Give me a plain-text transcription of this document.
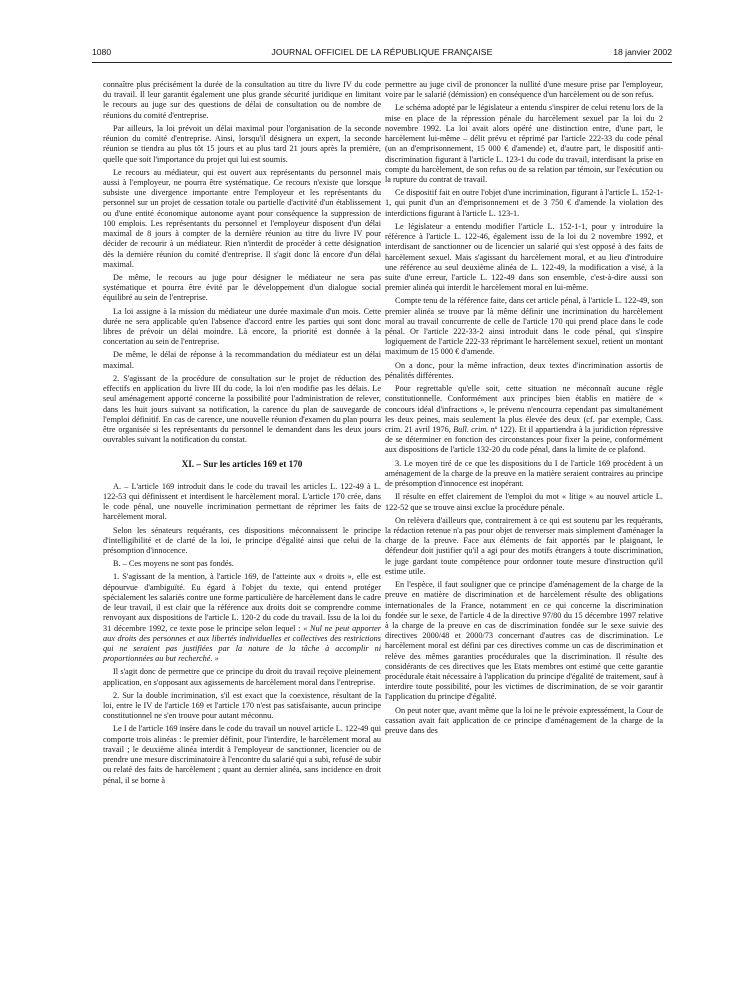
1080	JOURNAL OFFICIEL DE LA RÉPUBLIQUE FRANÇAISE	18 janvier 2002

connaître plus précisément la durée de la consultation au titre du livre IV du code du travail. Il leur garantit également une plus grande sécurité juridique en limitant le recours au juge sur des questions de délai de consultation ou de nombre de réunions du comité d'entreprise.

Par ailleurs, la loi prévoit un délai maximal pour l'organisation de la seconde réunion du comité d'entreprise. Ainsi, lorsqu'il désignera un expert, la seconde réunion se tiendra au plus tôt 15 jours et au plus tard 21 jours après la première, quelle que soit l'importance du projet qui lui est soumis.

Le recours au médiateur, qui est ouvert aux représentants du personnel mais aussi à l'employeur, ne pourra être systématique. Ce recours n'existe que lorsque subsiste une divergence importante entre l'employeur et les représentants du personnel sur un projet de cessation totale ou partielle d'activité d'un établissement ou d'une entité économique autonome ayant pour conséquence la suppression de 100 emplois. Les représentants du personnel et l'employeur disposent d'un délai maximal de 8 jours à compter de la dernière réunion au titre du livre IV pour décider de recourir à un médiateur. Rien n'interdit de procéder à cette désignation dès la dernière réunion du comité d'entreprise. Il s'agit donc là encore d'un délai maximal.

De même, le recours au juge pour désigner le médiateur ne sera pas systématique et pourra être évité par le développement d'un dialogue social équilibré au sein de l'entreprise.

La loi assigne à la mission du médiateur une durée maximale d'un mois. Cette durée ne sera applicable qu'en l'absence d'accord entre les parties qui sont donc libres de prévoir un délai moindre. Là encore, la priorité est donnée à la concertation au sein de l'entreprise.

De même, le délai de réponse à la recommandation du médiateur est un délai maximal.

2. S'agissant de la procédure de consultation sur le projet de réduction des effectifs en application du livre III du code, la loi n'en modifie pas les délais. Le seul aménagement apporté concerne la possibilité pour l'administration de relever, dans les huit jours suivant sa notification, la carence du plan de sauvegarde de l'emploi définitif. En cas de carence, une nouvelle réunion d'examen du plan pourra être organisée si les représentants du personnel le demandent dans les deux jours ouvrables suivant la notification du constat.

XI. – Sur les articles 169 et 170

A. – L'article 169 introduit dans le code du travail les articles L. 122-49 à L. 122-53 qui définissent et interdisent le harcèlement moral. L'article 170 crée, dans le code pénal, une nouvelle incrimination permettant de réprimer les faits de harcèlement moral.

Selon les sénateurs requérants, ces dispositions méconnaissent le principe d'intelligibilité et de clarté de la loi, le principe d'égalité ainsi que celui de la présomption d'innocence.

B. – Ces moyens ne sont pas fondés.

1. S'agissant de la mention, à l'article 169, de l'atteinte aux « droits », elle est dépourvue d'ambiguïté. Eu égard à l'objet du texte, qui entend protéger spécialement les salariés contre une forme particulière de harcèlement dans le cadre de leur travail, il est clair que la référence aux droits doit se comprendre comme renvoyant aux dispositions de l'article L. 120-2 du code du travail. Issu de la loi du 31 décembre 1992, ce texte pose le principe selon lequel : « Nul ne peut apporter aux droits des personnes et aux libertés individuelles et collectives des restrictions qui ne seraient pas justifiées par la nature de la tâche à accomplir ni proportionnées au but recherché. »

Il s'agit donc de permettre que ce principe du droit du travail reçoive pleinement application, en s'opposant aux agissements de harcèlement moral dans l'entreprise.

2. Sur la double incrimination, s'il est exact que la coexistence, résultant de la loi, entre le IV de l'article 169 et l'article 170 n'est pas satisfaisante, aucun principe constitutionnel ne s'en trouve pour autant méconnu.

Le I de l'article 169 insère dans le code du travail un nouvel article L. 122-49 qui comporte trois alinéas : le premier définit, pour l'interdire, le harcèlement moral au travail ; le deuxième alinéa interdit à l'employeur de sanctionner, licencier ou de prendre une mesure discriminatoire à l'encontre du salarié qui a subi, refusé de subir ou relaté des faits de harcèlement ; quant au dernier alinéa, sans incidence en droit pénal, il se borne à

permettre au juge civil de prononcer la nullité d'une mesure prise par l'employeur, voire par le salarié (démission) en conséquence d'un harcèlement ou de son refus.

Le schéma adopté par le législateur a entendu s'inspirer de celui retenu lors de la mise en place de la répression pénale du harcèlement sexuel par la loi du 2 novembre 1992. La loi avait alors opéré une distinction entre, d'une part, le harcèlement lui-même – délit prévu et réprimé par l'article 222-33 du code pénal (un an d'emprisonnement, 15 000 € d'amende) et, d'autre part, le dispositif anti-discrimination figurant à l'article L. 123-1 du code du travail, interdisant la prise en compte du harcèlement, de son refus ou de sa relation par témoin, sur l'exécution ou la rupture du contrat de travail.

Ce dispositif fait en outre l'objet d'une incrimination, figurant à l'article L. 152-1-1, qui punit d'un an d'emprisonnement et de 3 750 € d'amende la violation des interdictions figurant à l'article L. 123-1.

Le législateur a entendu modifier l'article L. 152-1-1, pour y introduire la référence à l'article L. 122-46, également issu de la loi du 2 novembre 1992, et interdisant de sanctionner ou de licencier un salarié qui s'est opposé à des faits de harcèlement sexuel. Mais s'agissant du harcèlement moral, et au lieu d'introduire une référence au seul deuxième alinéa de L. 122-49, la modification a visé, à la suite d'une erreur, l'article L. 122-49 dans son ensemble, c'est-à-dire aussi son premier alinéa qui interdit le harcèlement moral en lui-même.

Compte tenu de la référence faite, dans cet article pénal, à l'article L. 122-49, son premier alinéa se trouve par là même définir une incrimination du harcèlement moral au travail concurrente de celle de l'article 170 qui prend place dans le code pénal. Or l'article 222-33-2 ainsi introduit dans le code pénal, qui s'inspire logiquement de l'article 222-33 réprimant le harcèlement sexuel, retient un montant maximum de 15 000 € d'amende.

On a donc, pour la même infraction, deux textes d'incrimination assortis de pénalités différentes.

Pour regrettable qu'elle soit, cette situation ne méconnaît aucune règle constitutionnelle. Conformément aux principes bien établis en matière de « concours idéal d'infractions », le prévenu n'encourra cependant pas simultanément les deux peines, mais seulement la plus élevée des deux (cf. par exemple, Cass. crim. 21 avril 1976, Bull. crim. nº 122). Et il appartiendra à la juridiction répressive de se déterminer en fonction des circonstances pour fixer la peine, conformément aux dispositions de l'article 132-20 du code pénal, dans la limite de ce plafond.

3. Le moyen tiré de ce que les dispositions du I de l'article 169 procèdent à un aménagement de la charge de la preuve en la matière seraient contraires au principe de présomption d'innocence est inopérant.

Il résulte en effet clairement de l'emploi du mot « litige » au nouvel article L. 122-52 que se trouve ainsi exclue la procédure pénale.

On relèvera d'ailleurs que, contrairement à ce qui est soutenu par les requérants, la rédaction retenue n'a pas pour objet de renverser mais simplement d'aménager la charge de la preuve. Face aux éléments de fait apportés par le plaignant, le défendeur doit justifier qu'il a agi pour des motifs étrangers à toute discrimination, le juge gardant toute compétence pour ordonner toute mesure d'instruction qu'il estime utile.

En l'espèce, il faut souligner que ce principe d'aménagement de la charge de la preuve en matière de discrimination et de harcèlement résulte des obligations internationales de la France, notamment en ce qui concerne la discrimination fondée sur le sexe, de l'article 4 de la directive 97/80 du 15 décembre 1997 relative à la charge de la preuve en cas de discrimination fondée sur le sexe suivie des directives 2000/48 et 2000/73 concernant d'autres cas de discrimination. Le harcèlement moral est défini par ces directives comme un cas de discrimination et relève des mêmes garanties procédurales que la discrimination. Il résulte des considérants de ces directives que les Etats membres ont estimé que cette garantie procédurale était nécessaire à l'application du principe d'égalité de traitement, sauf à interdire toute possibilité, pour les victimes de discrimination, de se voir garantir l'application du principe d'égalité.

On peut noter que, avant même que la loi ne le prévoie expressément, la Cour de cassation avait fait application de ce principe d'aménagement de la charge de la preuve dans des
